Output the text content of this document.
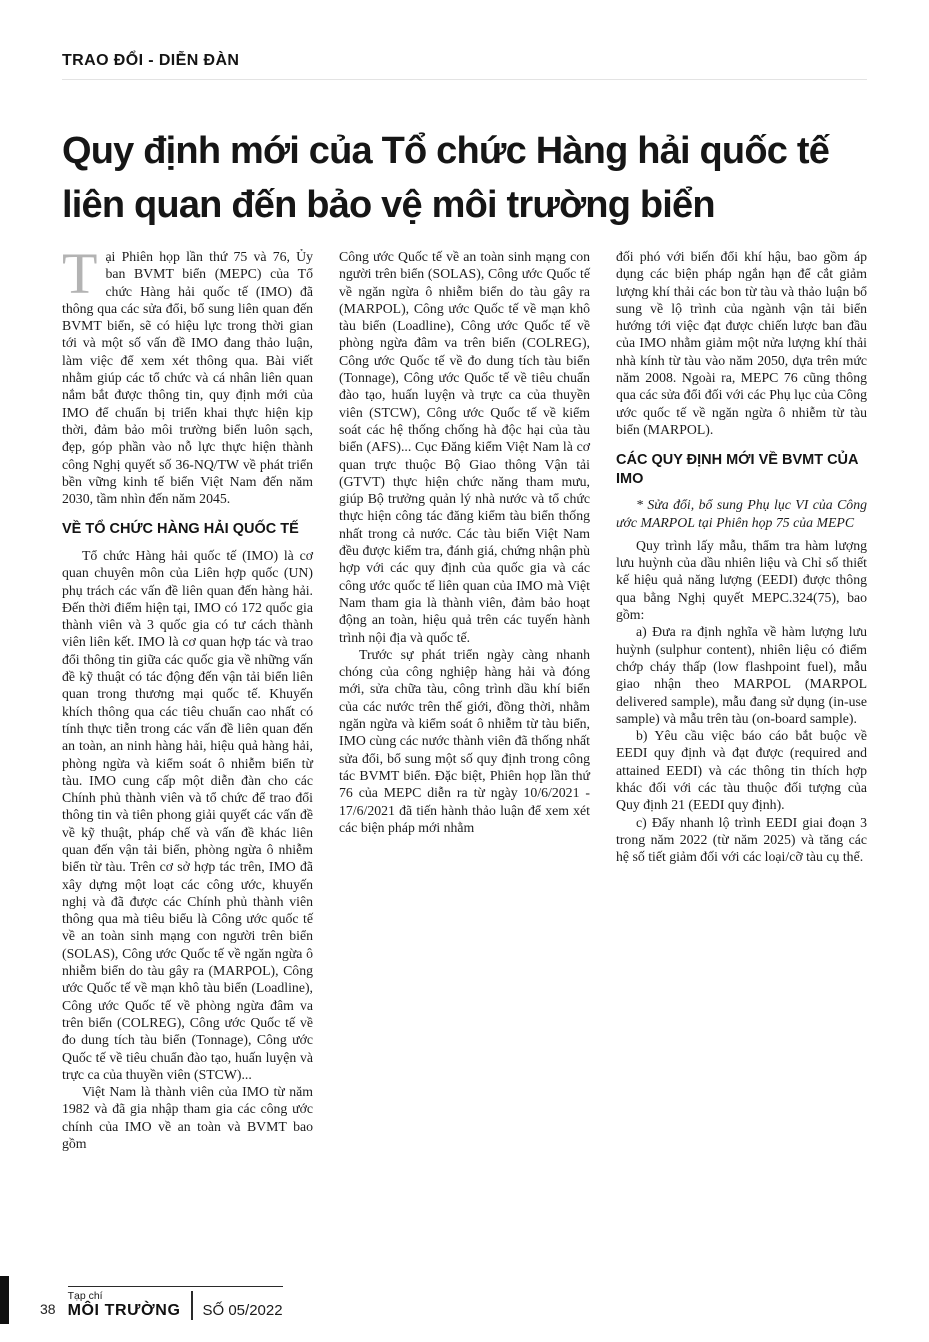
TRAO ĐỔI - DIỄN ĐÀN
Quy định mới của Tổ chức Hàng hải quốc tế
liên quan đến bảo vệ môi trường biển

Tại Phiên họp lần thứ 75 và 76, Ủy ban BVMT biển (MEPC) của Tổ chức Hàng hải quốc tế (IMO) đã thông qua các sửa đổi, bổ sung liên quan đến BVMT biển, sẽ có hiệu lực trong thời gian tới và một số vấn đề IMO đang thảo luận, làm việc để xem xét thông qua. Bài viết nhằm giúp các tổ chức và cá nhân liên quan nắm bắt được thông tin, quy định mới của IMO để chuẩn bị triển khai thực hiện kịp thời, đảm bảo môi trường biển luôn sạch, đẹp, góp phần vào nỗ lực thực hiện thành công Nghị quyết số 36-NQ/TW về phát triển bền vững kinh tế biển Việt Nam đến năm 2030, tầm nhìn đến năm 2045.

VỀ TỔ CHỨC HÀNG HẢI QUỐC TẾ

Tổ chức Hàng hải quốc tế (IMO) là cơ quan chuyên môn của Liên hợp quốc (UN) phụ trách các vấn đề liên quan đến hàng hải. Đến thời điểm hiện tại, IMO có 172 quốc gia thành viên và 3 quốc gia có tư cách thành viên liên kết. IMO là cơ quan hợp tác và trao đổi thông tin giữa các quốc gia về những vấn đề kỹ thuật có tác động đến vận tải biển liên quan trong thương mại quốc tế. Khuyến khích thông qua các tiêu chuẩn cao nhất có tính thực tiễn trong các vấn đề liên quan đến an toàn, an ninh hàng hải, hiệu quả hàng hải, phòng ngừa và kiểm soát ô nhiễm biển từ tàu. IMO cung cấp một diễn đàn cho các Chính phủ thành viên và tổ chức để trao đổi thông tin và tiên phong giải quyết các vấn đề về kỹ thuật, pháp chế và vấn đề khác liên quan đến vận tải biển, phòng ngừa ô nhiễm biển từ tàu. Trên cơ sở hợp tác trên, IMO đã xây dựng một loạt các công ước, khuyến nghị và đã được các Chính phủ thành viên thông qua mà tiêu biểu là Công ước quốc tế về an toàn sinh mạng con người trên biển (SOLAS), Công ước Quốc tế về ngăn ngừa ô nhiễm biển do tàu gây ra (MARPOL), Công ước Quốc tế về mạn khô tàu biển (Loadline), Công ước Quốc tế về phòng ngừa đâm va trên biển (COLREG), Công ước Quốc tế về đo dung tích tàu biển (Tonnage), Công ước Quốc tế về tiêu chuẩn đào tạo, huấn luyện và trực ca của thuyền viên (STCW)...

Việt Nam là thành viên của IMO từ năm 1982 và đã gia nhập tham gia các công ước chính của IMO về an toàn và BVMT bao gồm

Công ước Quốc tế về an toàn sinh mạng con người trên biển (SOLAS), Công ước Quốc tế về ngăn ngừa ô nhiễm biển do tàu gây ra (MARPOL), Công ước Quốc tế về mạn khô tàu biển (Loadline), Công ước Quốc tế về phòng ngừa đâm va trên biển (COLREG), Công ước Quốc tế về đo dung tích tàu biển (Tonnage), Công ước Quốc tế về tiêu chuẩn đào tạo, huấn luyện và trực ca của thuyền viên (STCW), Công ước Quốc tế về kiểm soát các hệ thống chống hà độc hại của tàu biển (AFS)... Cục Đăng kiểm Việt Nam là cơ quan trực thuộc Bộ Giao thông Vận tải (GTVT) thực hiện chức năng tham mưu, giúp Bộ trưởng quản lý nhà nước và tổ chức thực hiện công tác đăng kiểm tàu biển thống nhất trong cả nước. Các tàu biển Việt Nam đều được kiểm tra, đánh giá, chứng nhận phù hợp với các quy định của quốc gia và các công ước quốc tế liên quan của IMO mà Việt Nam tham gia là thành viên, đảm bảo hoạt động an toàn, hiệu quả trên các tuyến hành trình nội địa và quốc tế.

Trước sự phát triển ngày càng nhanh chóng của công nghiệp hàng hải và đóng mới, sửa chữa tàu, công trình dầu khí biển của các nước trên thế giới, đồng thời, nhằm ngăn ngừa và kiểm soát ô nhiễm từ tàu biển, IMO cùng các nước thành viên đã thống nhất sửa đổi, bổ sung một số quy định trong công tác BVMT biển. Đặc biệt, Phiên họp lần thứ 76 của MEPC diễn ra từ ngày 10/6/2021 - 17/6/2021 đã tiến hành thảo luận để xem xét các biện pháp mới nhằm

đối phó với biến đổi khí hậu, bao gồm áp dụng các biện pháp ngắn hạn để cắt giảm lượng khí thải các bon từ tàu và thảo luận bổ sung về lộ trình của ngành vận tải biển hướng tới việc đạt được chiến lược ban đầu của IMO nhằm giảm một nửa lượng khí thải nhà kính từ tàu vào năm 2050, dựa trên mức năm 2008. Ngoài ra, MEPC 76 cũng thông qua các sửa đổi đối với các Phụ lục của Công ước quốc tế về ngăn ngừa ô nhiễm từ tàu biển (MARPOL).

CÁC QUY ĐỊNH MỚI VỀ BVMT CỦA IMO

* Sửa đổi, bổ sung Phụ lục VI của Công ước MARPOL tại Phiên họp 75 của MEPC

Quy trình lấy mẫu, thẩm tra hàm lượng lưu huỳnh của dầu nhiên liệu và Chỉ số thiết kế hiệu quả năng lượng (EEDI) được thông qua bằng Nghị quyết MEPC.324(75), bao gồm:

a) Đưa ra định nghĩa về hàm lượng lưu huỳnh (sulphur content), nhiên liệu có điểm chớp cháy thấp (low flashpoint fuel), mẫu giao nhận theo MARPOL (MARPOL delivered sample), mẫu đang sử dụng (in-use sample) và mẫu trên tàu (on-board sample).

b) Yêu cầu việc báo cáo bắt buộc về EEDI quy định và đạt được (required and attained EEDI) và các thông tin thích hợp khác đối với các tàu thuộc đối tượng của Quy định 21 (EEDI quy định).

c) Đẩy nhanh lộ trình EEDI giai đoạn 3 trong năm 2022 (từ năm 2025) và tăng các hệ số tiết giảm đối với các loại/cỡ tàu cụ thể.

38
Tạp chí
MÔI TRƯỜNG SỐ 05/2022
